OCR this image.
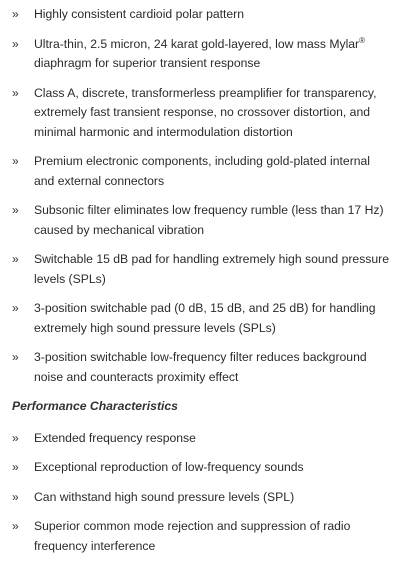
» Highly consistent cardioid polar pattern
» Ultra-thin, 2.5 micron, 24 karat gold-layered, low mass Mylar® diaphragm for superior transient response
» Class A, discrete, transformerless preamplifier for transparency, extremely fast transient response, no crossover distortion, and minimal harmonic and intermodulation distortion
» Premium electronic components, including gold-plated internal and external connectors
» Subsonic filter eliminates low frequency rumble (less than 17 Hz) caused by mechanical vibration
» Switchable 15 dB pad for handling extremely high sound pressure levels (SPLs)
» 3-position switchable pad (0 dB, 15 dB, and 25 dB) for handling extremely high sound pressure levels (SPLs)
» 3-position switchable low-frequency filter reduces background noise and counteracts proximity effect
Performance Characteristics
» Extended frequency response
» Exceptional reproduction of low-frequency sounds
» Can withstand high sound pressure levels (SPL)
» Superior common mode rejection and suppression of radio frequency interference
